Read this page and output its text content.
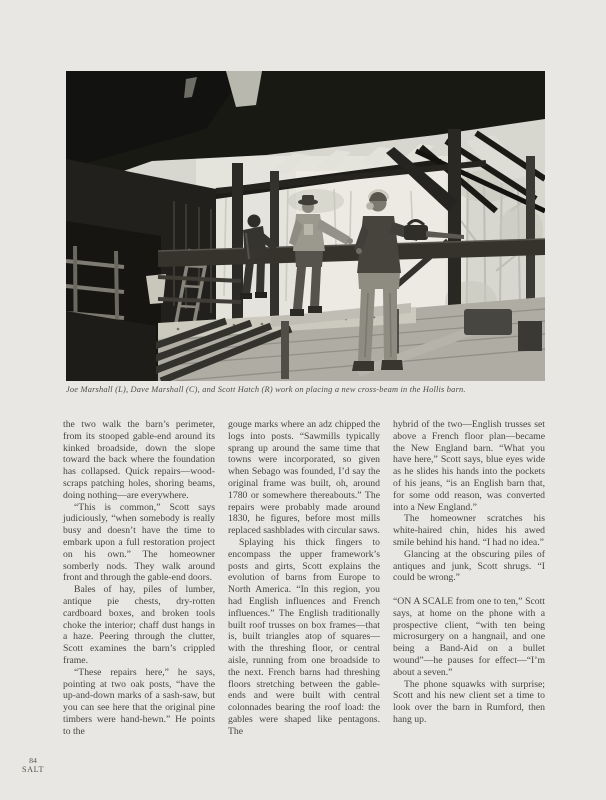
Joe Marshall (L), Dave Marshall (C), and Scott Hatch (R) work on placing a new cross-beam in the Hollis barn.

the two walk the barn’s perimeter, from its stooped gable-end around its kinked broadside, down the slope toward the back where the foundation has collapsed. Quick repairs—wood-scraps patching holes, shoring beams, doing nothing—are everywhere.

“This is common,” Scott says judiciously, “when somebody is really busy and doesn’t have the time to embark upon a full restoration project on his own.” The homeowner somberly nods. They walk around front and through the gable-end doors.

Bales of hay, piles of lumber, antique pie chests, dry-rotten cardboard boxes, and broken tools choke the interior; chaff dust hangs in a haze. Peering through the clutter, Scott examines the barn’s crippled frame.

“These repairs here,” he says, pointing at two oak posts, “have the up-and-down marks of a sash-saw, but you can see here that the original pine timbers were hand-hewn.” He points to the

gouge marks where an adz chipped the logs into posts. “Sawmills typically sprang up around the same time that towns were incorporated, so given when Sebago was founded, I’d say the original frame was built, oh, around 1780 or somewhere thereabouts.” The repairs were probably made around 1830, he figures, before most mills replaced sashblades with circular saws.

Splaying his thick fingers to encompass the upper framework’s posts and girts, Scott explains the evolution of barns from Europe to North America. “In this region, you had English influences and French influences.” The English traditionally built roof trusses on box frames—that is, built triangles atop of squares—with the threshing floor, or central aisle, running from one broadside to the next. French barns had threshing floors stretching between the gable-ends and were built with central colonnades bearing the roof load: the gables were shaped like pentagons. The

hybrid of the two—English trusses set above a French floor plan—became the New England barn. “What you have here,” Scott says, blue eyes wide as he slides his hands into the pockets of his jeans, “is an English barn that, for some odd reason, was converted into a New England.”

The homeowner scratches his white-haired chin, hides his awed smile behind his hand. “I had no idea.”

Glancing at the obscuring piles of antiques and junk, Scott shrugs. “I could be wrong.”

“ON A SCALE from one to ten,” Scott says, at home on the phone with a prospective client, “with ten being microsurgery on a hangnail, and one being a Band-Aid on a bullet wound”—he pauses for effect—“I’m about a seven.”

The phone squawks with surprise; Scott and his new client set a time to look over the barn in Rumford, then hang up.

84
SALT
